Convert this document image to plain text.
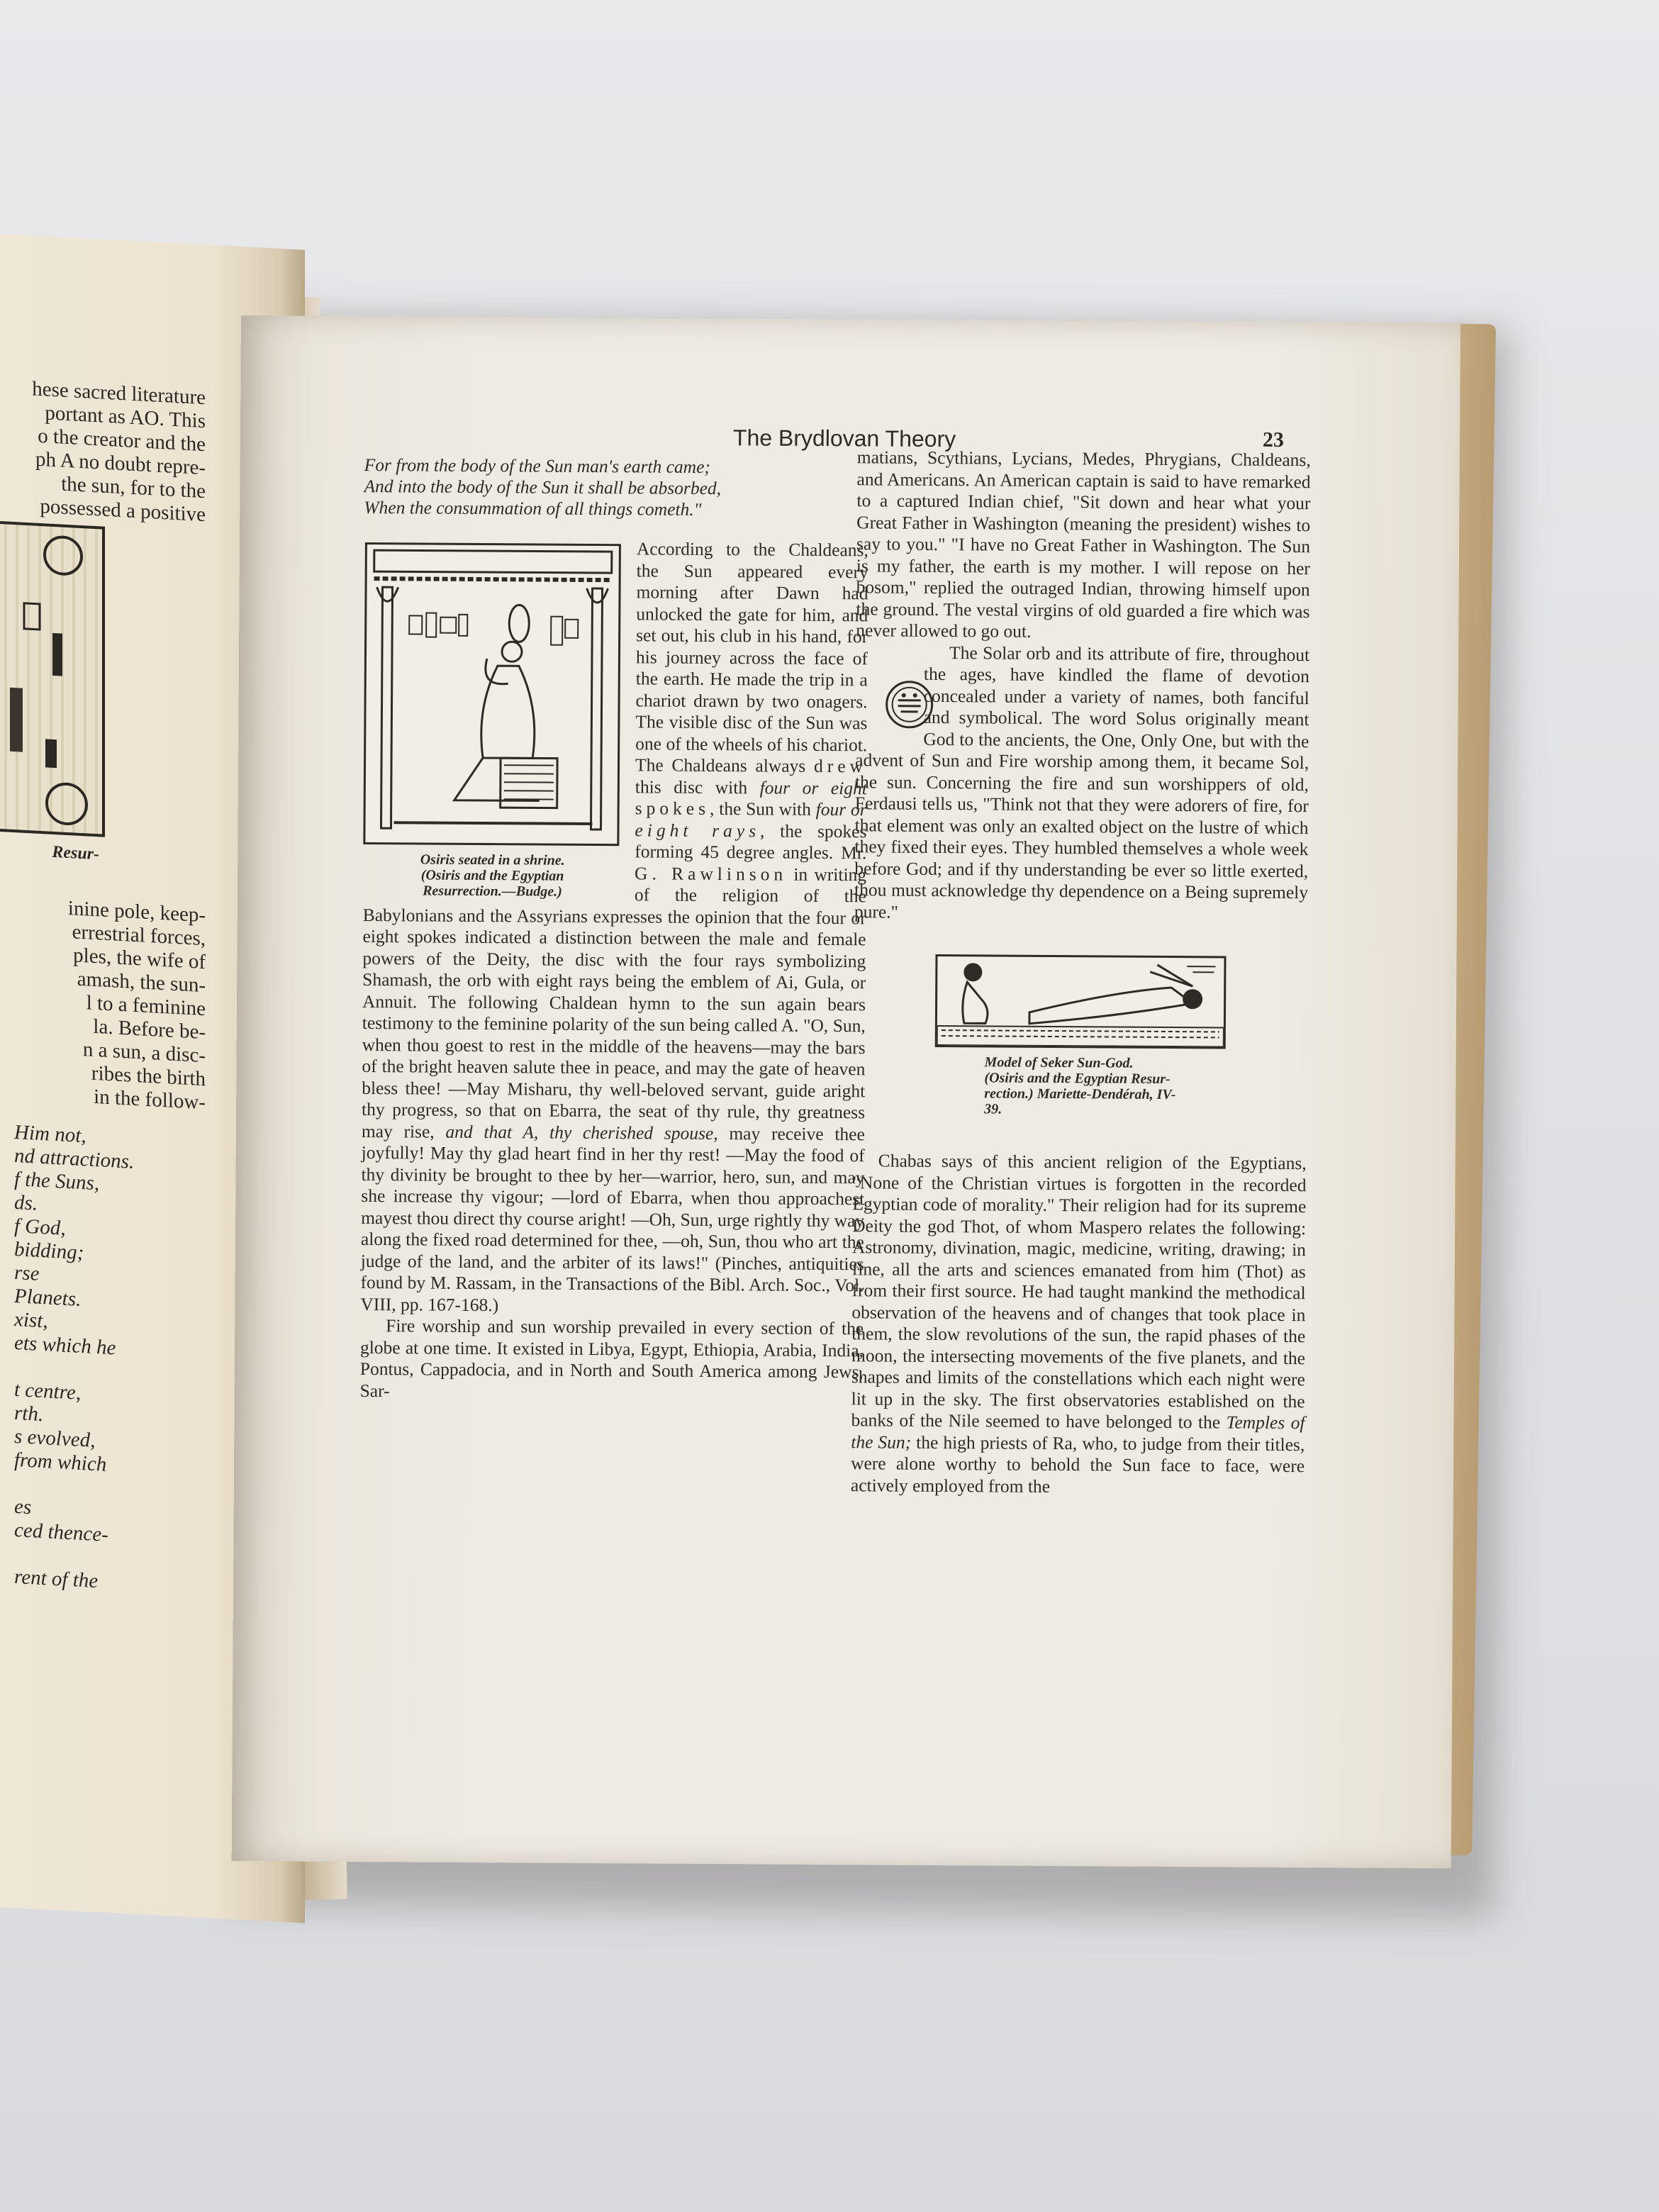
hese sacred literature
portant as AO. This
o the creator and the
ph A no doubt repre-
the sun, for to the
possessed a positive
Resur-
inine pole, keep-
errestrial forces,
ples, the wife of
amash, the sun-
l to a feminine
la. Before be-
n a sun, a disc-
ribes the birth
in the follow-
Him not,
nd attractions.
f the Suns,
ds.
f God,
bidding;
rse
Planets.
xist,
ets which he

t centre,
rth.
s evolved,
from which

es
ced thence-

rent of the
The Brydlovan Theory	23

For from the body of the Sun man's earth came;
And into the body of the Sun it shall be absorbed,
When the consummation of all things cometh."

matians, Scythians, Lycians, Medes, Phrygians, Chaldeans, and Americans. An American captain is said to have remarked to a captured Indian chief, "Sit down and hear what your Great Father in Washington (meaning the president) wishes to say to you." "I have no Great Father in Washington. The Sun is my father, the earth is my mother. I will repose on her bosom," replied the outraged Indian, throwing himself upon the ground. The vestal virgins of old guarded a fire which was never allowed to go out.

The Solar orb and its attribute of fire, throughout the ages, have kindled the flame of devotion concealed under a variety of names, both fanciful and symbolical. The word Solus originally meant God to the ancients, the One, Only One, but with the advent of Sun and Fire worship among them, it became Sol, the sun. Concerning the fire and sun worshippers of old, Ferdausi tells us, "Think not that they were adorers of fire, for that element was only an exalted object on the lustre of which they fixed their eyes. They humbled themselves a whole week before God; and if thy understanding be ever so little exerted, thou must acknowledge thy dependence on a Being supremely pure."

Model of Seker Sun-God.
(Osiris and the Egyptian Resur-
rection.) Mariette-Dendérah, IV-
39.

Chabas says of this ancient religion of the Egyptians, "None of the Christian virtues is forgotten in the recorded Egyptian code of morality." Their religion had for its supreme Deity the god Thot, of whom Maspero relates the following: Astronomy, divination, magic, medicine, writing, drawing; in fine, all the arts and sciences emanated from him (Thot) as from their first source. He had taught mankind the methodical observation of the heavens and of changes that took place in them, the slow revolutions of the sun, the rapid phases of the moon, the intersecting movements of the five planets, and the shapes and limits of the constellations which each night were lit up in the sky. The first observatories established on the banks of the Nile seemed to have belonged to the Temples of the Sun; the high priests of Ra, who, to judge from their titles, were alone worthy to behold the Sun face to face, were actively employed from the

Osiris seated in a shrine.
(Osiris and the Egyptian
Resurrection.—Budge.)

According to the Chaldeans, the Sun appeared every morning after Dawn had unlocked the gate for him, and set out, his club in his hand, for his journey across the face of the earth. He made the trip in a chariot drawn by two onagers. The visible disc of the Sun was one of the wheels of his chariot. The Chaldeans always drew this disc with four or eight spokes, the Sun with four or eight rays, the spokes forming 45 degree angles. Mr. G. Rawlinson in writing of the religion of the Babylonians and the Assyrians expresses the opinion that the four or eight spokes indicated a distinction between the male and female powers of the Deity, the disc with the four rays symbolizing Shamash, the orb with eight rays being the emblem of Ai, Gula, or Annuit. The following Chaldean hymn to the sun again bears testimony to the feminine polarity of the sun being called A. "O, Sun, when thou goest to rest in the middle of the heavens—may the bars of the bright heaven salute thee in peace, and may the gate of heaven bless thee! —May Misharu, thy well-beloved servant, guide aright thy progress, so that on Ebarra, the seat of thy rule, thy greatness may rise, and that A, thy cherished spouse, may receive thee joyfully! May thy glad heart find in her thy rest! —May the food of thy divinity be brought to thee by her—warrior, hero, sun, and may she increase thy vigour; —lord of Ebarra, when thou approachest mayest thou direct thy course aright! —Oh, Sun, urge rightly thy way along the fixed road determined for thee, —oh, Sun, thou who art the judge of the land, and the arbiter of its laws!" (Pinches, antiquities found by M. Rassam, in the Transactions of the Bibl. Arch. Soc., Vol. VIII, pp. 167-168.)

Fire worship and sun worship prevailed in every section of the globe at one time. It existed in Libya, Egypt, Ethiopia, Arabia, India, Pontus, Cappadocia, and in North and South America among Jews, Sar-
